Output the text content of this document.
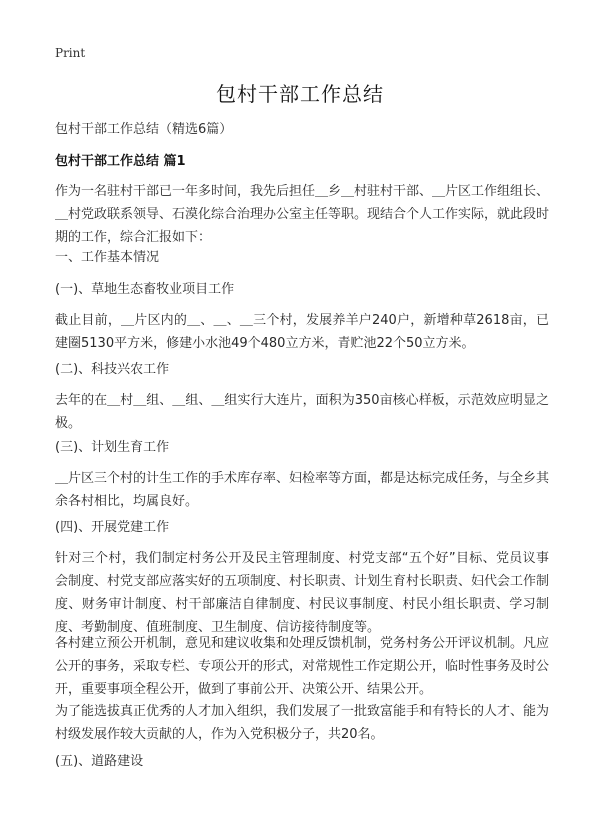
Print
包村干部工作总结
包村干部工作总结（精选6篇）
包村干部工作总结 篇1
作为一名驻村干部已一年多时间，我先后担任＿乡＿村驻村干部、＿片区工作组组长、＿村党政联系领导、石漠化综合治理办公室主任等职。现结合个人工作实际，就此段时期的工作，综合汇报如下：
一、工作基本情况
(一)、草地生态畜牧业项目工作
截止目前，＿片区内的＿、＿、＿三个村，发展养羊户240户，新增种草2618亩，已建圈5130平方米，修建小水池49个480立方米，青贮池22个50立方米。
(二)、科技兴农工作
去年的在＿村＿组、＿组、＿组实行大连片，面积为350亩核心样板，示范效应明显之极。
(三)、计划生育工作
＿片区三个村的计生工作的手术库存率、妇检率等方面，都是达标完成任务，与全乡其余各村相比，均属良好。
(四)、开展党建工作
针对三个村，我们制定村务公开及民主管理制度、村党支部“五个好”目标、党员议事会制度、村党支部应落实好的五项制度、村长职责、计划生育村长职责、妇代会工作制度、财务审计制度、村干部廉洁自律制度、村民议事制度、村民小组长职责、学习制度、考勤制度、值班制度、卫生制度、信访接待制度等。
各村建立预公开机制，意见和建议收集和处理反馈机制，党务村务公开评议机制。凡应公开的事务，采取专栏、专项公开的形式，对常规性工作定期公开，临时性事务及时公开，重要事项全程公开，做到了事前公开、决策公开、结果公开。
为了能选拔真正优秀的人才加入组织，我们发展了一批致富能手和有特长的人才、能为村级发展作较大贡献的人，作为入党积极分子，共20名。
(五)、道路建设
